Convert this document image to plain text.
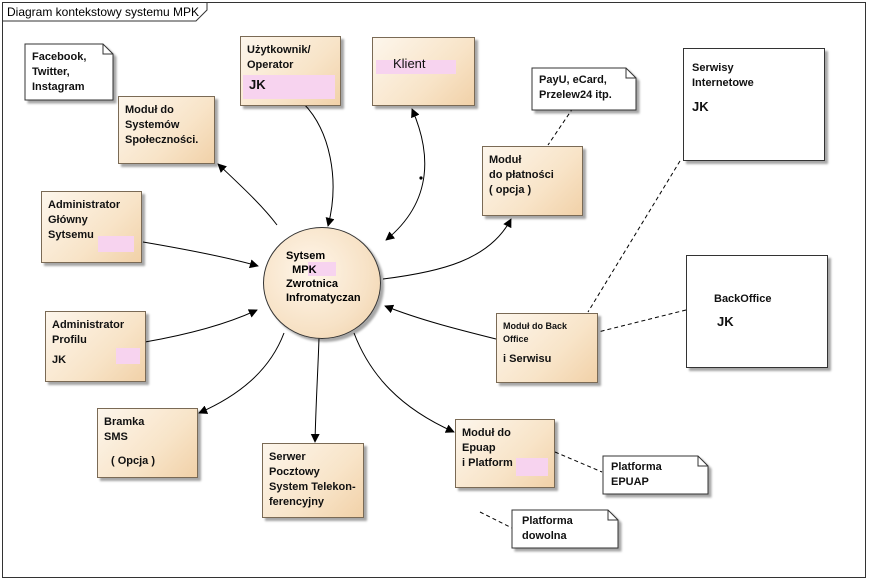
Diagram kontekstowy systemu MPK
Facebook,
Twitter,
Instagram
PayU, eCard,
Przelew24 itp.
Platforma
EPUAP
Platforma
dowolna
Moduł do
Systemów
Społeczności.
Użytkownik/
Operator
JK
Klient
Moduł
do płatności
( opcja )
Administrator
Główny
Sytsemu
Administrator
Profilu
JK
Moduł do Back
Office
i Serwisu
Bramka
SMS
( Opcja )	Serwer
Pocztowy
System Telekon-
ferencyjny
Moduł do
Epuap
i Platform
Serwisy
Internetowe
JK
BackOffice
JK
Sytsem
MPK
Zwrotnica
Infromatyczan
